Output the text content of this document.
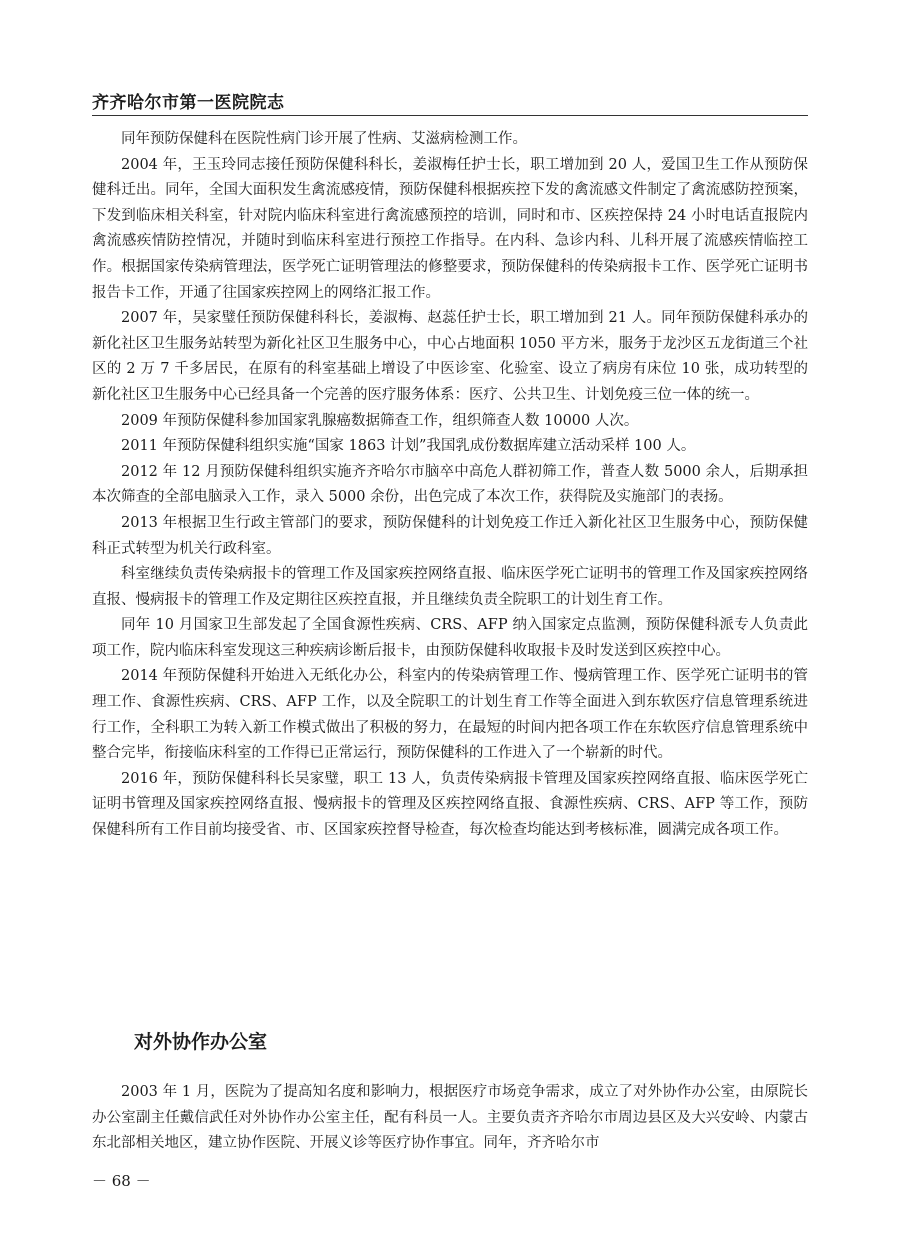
齐齐哈尔市第一医院院志

同年预防保健科在医院性病门诊开展了性病、艾滋病检测工作。

2004 年，王玉玲同志接任预防保健科科长，姜淑梅任护士长，职工增加到 20 人，爱国卫生工作从预防保健科迁出。同年，全国大面积发生禽流感疫情，预防保健科根据疾控下发的禽流感文件制定了禽流感防控预案，下发到临床相关科室，针对院内临床科室进行禽流感预控的培训，同时和市、区疾控保持 24 小时电话直报院内禽流感疾情防控情况，并随时到临床科室进行预控工作指导。在内科、急诊内科、儿科开展了流感疾情临控工作。根据国家传染病管理法，医学死亡证明管理法的修整要求，预防保健科的传染病报卡工作、医学死亡证明书报告卡工作，开通了往国家疾控网上的网络汇报工作。

2007 年，吴家璧任预防保健科科长，姜淑梅、赵蕊任护士长，职工增加到 21 人。同年预防保健科承办的新化社区卫生服务站转型为新化社区卫生服务中心，中心占地面积 1050 平方米，服务于龙沙区五龙街道三个社区的 2 万 7 千多居民，在原有的科室基础上增设了中医诊室、化验室、设立了病房有床位 10 张，成功转型的新化社区卫生服务中心已经具备一个完善的医疗服务体系：医疗、公共卫生、计划免疫三位一体的统一。

2009 年预防保健科参加国家乳腺癌数据筛查工作，组织筛查人数 10000 人次。

2011 年预防保健科组织实施“国家 1863 计划”我国乳成份数据库建立活动采样 100 人。

2012 年 12 月预防保健科组织实施齐齐哈尔市脑卒中高危人群初筛工作，普查人数 5000 余人，后期承担本次筛查的全部电脑录入工作，录入 5000 余份，出色完成了本次工作，获得院及实施部门的表扬。

2013 年根据卫生行政主管部门的要求，预防保健科的计划免疫工作迁入新化社区卫生服务中心，预防保健科正式转型为机关行政科室。

科室继续负责传染病报卡的管理工作及国家疾控网络直报、临床医学死亡证明书的管理工作及国家疾控网络直报、慢病报卡的管理工作及定期往区疾控直报，并且继续负责全院职工的计划生育工作。

同年 10 月国家卫生部发起了全国食源性疾病、CRS、AFP 纳入国家定点监测，预防保健科派专人负责此项工作，院内临床科室发现这三种疾病诊断后报卡，由预防保健科收取报卡及时发送到区疾控中心。

2014 年预防保健科开始进入无纸化办公，科室内的传染病管理工作、慢病管理工作、医学死亡证明书的管理工作、食源性疾病、CRS、AFP 工作，以及全院职工的计划生育工作等全面进入到东软医疗信息管理系统进行工作，全科职工为转入新工作模式做出了积极的努力，在最短的时间内把各项工作在东软医疗信息管理系统中整合完毕，衔接临床科室的工作得已正常运行，预防保健科的工作进入了一个崭新的时代。

2016 年，预防保健科科长吴家璧，职工 13 人，负责传染病报卡管理及国家疾控网络直报、临床医学死亡证明书管理及国家疾控网络直报、慢病报卡的管理及区疾控网络直报、食源性疾病、CRS、AFP 等工作，预防保健科所有工作目前均接受省、市、区国家疾控督导检查，每次检查均能达到考核标准，圆满完成各项工作。

对外协作办公室

2003 年 1 月，医院为了提高知名度和影响力，根据医疗市场竞争需求，成立了对外协作办公室，由原院长办公室副主任戴信武任对外协作办公室主任，配有科员一人。主要负责齐齐哈尔市周边县区及大兴安岭、内蒙古东北部相关地区，建立协作医院、开展义诊等医疗协作事宜。同年，齐齐哈尔市

－ 68 －
